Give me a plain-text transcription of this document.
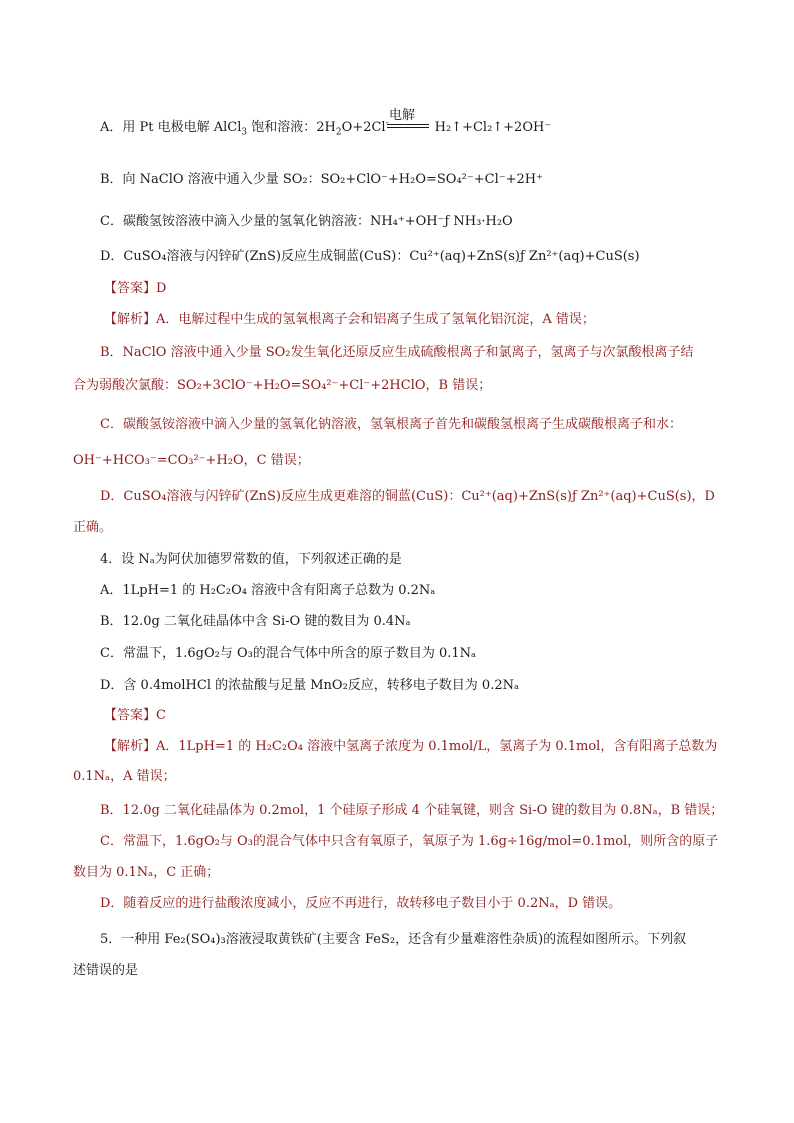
A．用 Pt 电极电解 AlCl$_3$ 饱和溶液：$2H_2O+2Cl^-$	H₂↑+Cl₂↑+2OH⁻
电解
B．向 NaClO 溶液中通入少量 SO₂：SO₂+ClO⁻+H₂O=SO₄²⁻+Cl⁻+2H⁺
C．碳酸氢铵溶液中滴入少量的氢氧化钠溶液：NH₄⁺+OH⁻ƒ NH₃·H₂O
D．CuSO₄溶液与闪锌矿(ZnS)反应生成铜蓝(CuS)：Cu²⁺(aq)+ZnS(s)ƒ Zn²⁺(aq)+CuS(s)
【答案】D
【解析】A．电解过程中生成的氢氧根离子会和铝离子生成了氢氧化铝沉淀，A 错误；
B．NaClO 溶液中通入少量 SO₂发生氧化还原反应生成硫酸根离子和氯离子，氢离子与次氯酸根离子结
合为弱酸次氯酸：SO₂+3ClO⁻+H₂O=SO₄²⁻+Cl⁻+2HClO，B 错误；
C．碳酸氢铵溶液中滴入少量的氢氧化钠溶液，氢氧根离子首先和碳酸氢根离子生成碳酸根离子和水：
OH⁻+HCO₃⁻=CO₃²⁻+H₂O，C 错误；
D．CuSO₄溶液与闪锌矿(ZnS)反应生成更难溶的铜蓝(CuS)：Cu²⁺(aq)+ZnS(s)ƒ Zn²⁺(aq)+CuS(s)，D
正确。
4．设 Nₐ为阿伏加德罗常数的值，下列叙述正确的是
A．1LpH=1 的 H₂C₂O₄ 溶液中含有阳离子总数为 0.2Nₐ
B．12.0g 二氧化硅晶体中含 Si-O 键的数目为 0.4Nₐ
C．常温下，1.6gO₂与 O₃的混合气体中所含的原子数目为 0.1Nₐ
D．含 0.4molHCl 的浓盐酸与足量 MnO₂反应，转移电子数目为 0.2Nₐ
【答案】C
【解析】A．1LpH=1 的 H₂C₂O₄ 溶液中氢离子浓度为 0.1mol/L，氢离子为 0.1mol，含有阳离子总数为
0.1Nₐ，A 错误；
B．12.0g 二氧化硅晶体为 0.2mol，1 个硅原子形成 4 个硅氧键，则含 Si-O 键的数目为 0.8Nₐ，B 错误；
C．常温下，1.6gO₂与 O₃的混合气体中只含有氧原子，氧原子为 1.6g÷16g/mol=0.1mol，则所含的原子
数目为 0.1Nₐ，C 正确；
D．随着反应的进行盐酸浓度减小，反应不再进行，故转移电子数目小于 0.2Nₐ，D 错误。
5．一种用 Fe₂(SO₄)₃溶液浸取黄铁矿(主要含 FeS₂，还含有少量难溶性杂质)的流程如图所示。下列叙
述错误的是
